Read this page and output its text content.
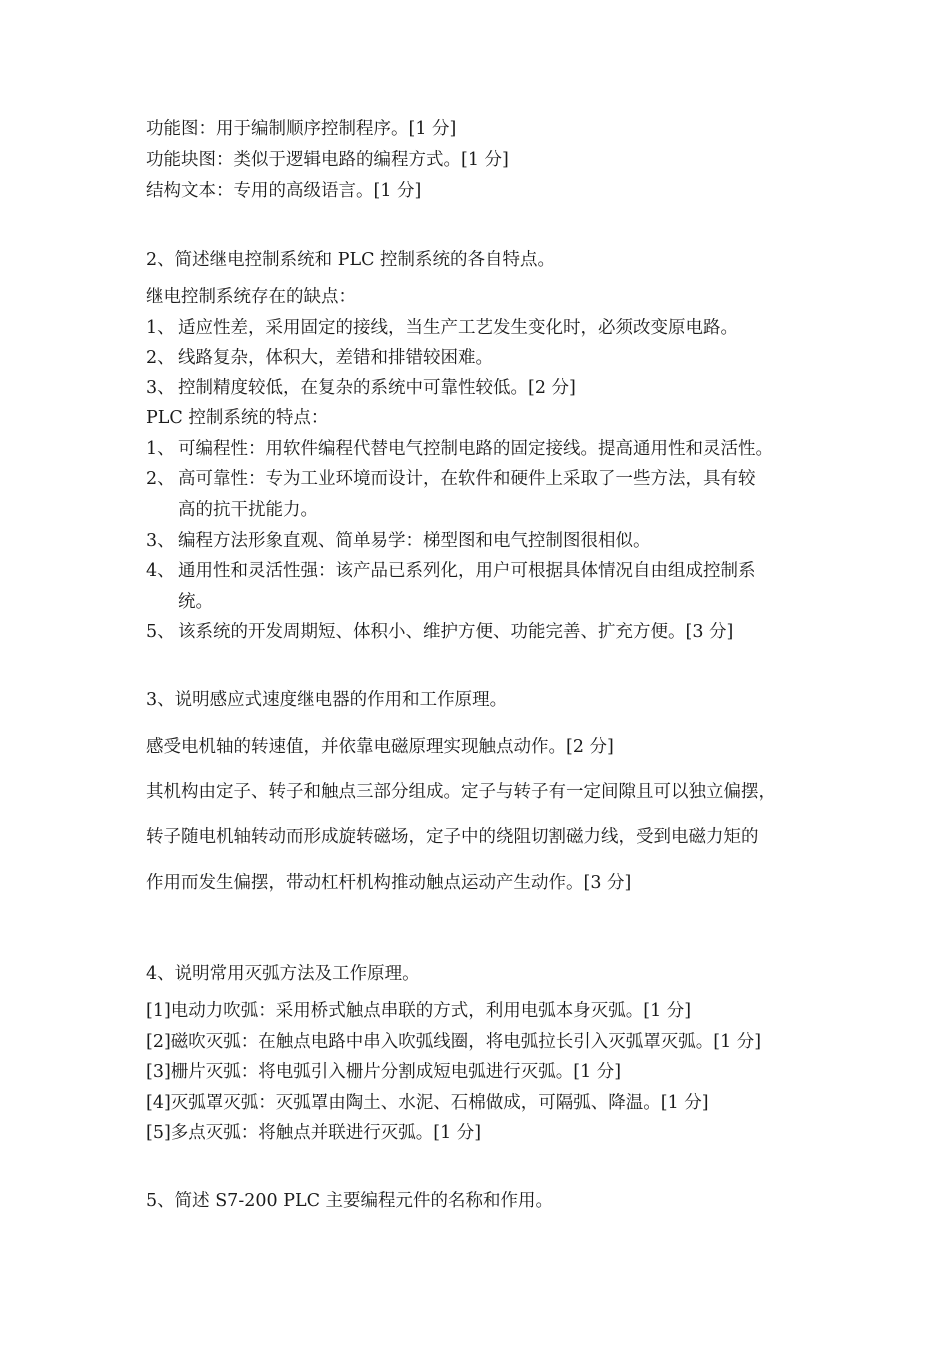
功能图：用于编制顺序控制程序。[1 分]
功能块图：类似于逻辑电路的编程方式。[1 分]
结构文本：专用的高级语言。[1 分]
2、简述继电控制系统和 PLC 控制系统的各自特点。
继电控制系统存在的缺点：
1、 适应性差，采用固定的接线，当生产工艺发生变化时，必须改变原电路。
2、 线路复杂，体积大，差错和排错较困难。
3、 控制精度较低，在复杂的系统中可靠性较低。[2 分]
PLC 控制系统的特点：
1、 可编程性：用软件编程代替电气控制电路的固定接线。提高通用性和灵活性。
2、 高可靠性：专为工业环境而设计，在软件和硬件上采取了一些方法，具有较
高的抗干扰能力。
3、 编程方法形象直观、简单易学：梯型图和电气控制图很相似。
4、 通用性和灵活性强：该产品已系列化，用户可根据具体情况自由组成控制系
统。
5、 该系统的开发周期短、体积小、维护方便、功能完善、扩充方便。[3 分]
3、说明感应式速度继电器的作用和工作原理。
感受电机轴的转速值，并依靠电磁原理实现触点动作。[2 分]
其机构由定子、转子和触点三部分组成。定子与转子有一定间隙且可以独立偏摆，
转子随电机轴转动而形成旋转磁场，定子中的绕阻切割磁力线，受到电磁力矩的
作用而发生偏摆，带动杠杆机构推动触点运动产生动作。[3 分]
4、说明常用灭弧方法及工作原理。
[1]电动力吹弧：采用桥式触点串联的方式，利用电弧本身灭弧。[1 分]
[2]磁吹灭弧：在触点电路中串入吹弧线圈，将电弧拉长引入灭弧罩灭弧。[1 分]
[3]栅片灭弧：将电弧引入栅片分割成短电弧进行灭弧。[1 分]
[4]灭弧罩灭弧：灭弧罩由陶土、水泥、石棉做成，可隔弧、降温。[1 分]
[5]多点灭弧：将触点并联进行灭弧。[1 分]
5、简述 S7-200 PLC 主要编程元件的名称和作用。
